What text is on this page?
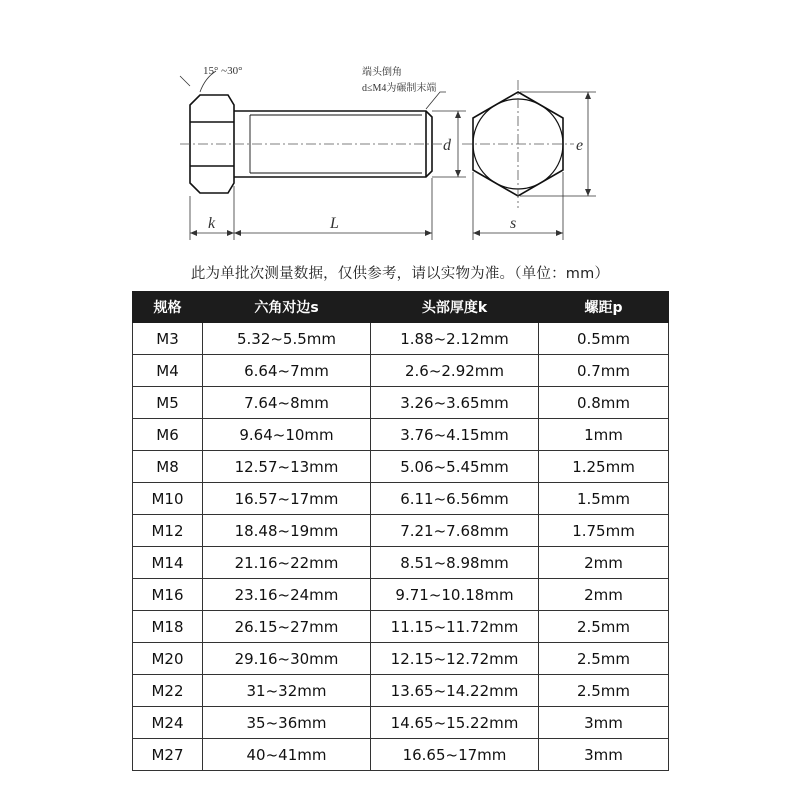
15° ~30°	端头倒角
d≤M4为碾制末端
k	L
d	e
s
此为单批次测量数据，仅供参考，请以实物为准。（单位：mm）
规格	六角对边s	头部厚度k	螺距p
M3	5.32~5.5mm	1.88~2.12mm	0.5mm
M4	6.64~7mm	2.6~2.92mm	0.7mm
M5	7.64~8mm	3.26~3.65mm	0.8mm
M6	9.64~10mm	3.76~4.15mm	1mm
M8	12.57~13mm	5.06~5.45mm	1.25mm
M10	16.57~17mm	6.11~6.56mm	1.5mm
M12	18.48~19mm	7.21~7.68mm	1.75mm
M14	21.16~22mm	8.51~8.98mm	2mm
M16	23.16~24mm	9.71~10.18mm	2mm
M18	26.15~27mm	11.15~11.72mm	2.5mm
M20	29.16~30mm	12.15~12.72mm	2.5mm
M22	31~32mm	13.65~14.22mm	2.5mm
M24	35~36mm	14.65~15.22mm	3mm
M27	40~41mm	16.65~17mm	3mm
